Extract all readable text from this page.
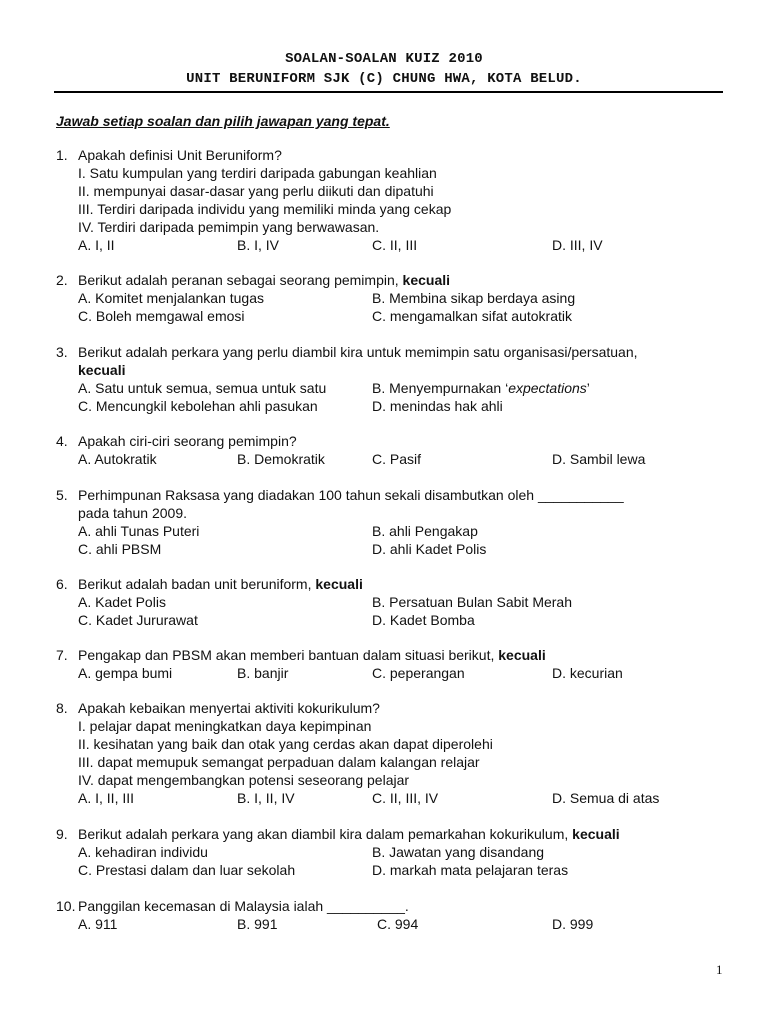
SOALAN-SOALAN KUIZ 2010
UNIT BERUNIFORM SJK (C) CHUNG HWA, KOTA BELUD.
Jawab setiap soalan dan pilih jawapan yang tepat.
1. Apakah definisi Unit Beruniform?
I. Satu kumpulan yang terdiri daripada gabungan keahlian
II. mempunyai dasar-dasar yang perlu diikuti dan dipatuhi
III. Terdiri daripada individu yang memiliki minda yang cekap
IV. Terdiri daripada pemimpin yang berwawasan.
A. I, II	B. I, IV	C. II, III	D. III, IV
2. Berikut adalah peranan sebagai seorang pemimpin, kecuali
A. Komitet menjalankan tugas	B. Membina sikap berdaya asing
C. Boleh memgawal emosi	C. mengamalkan sifat autokratik
3. Berikut adalah perkara yang perlu diambil kira untuk memimpin satu organisasi/persatuan,
kecuali
A. Satu untuk semua, semua untuk satu	B. Menyempurnakan ‘expectations’
C. Mencungkil kebolehan ahli pasukan	D. menindas hak ahli
4. Apakah ciri-ciri seorang pemimpin?
A. Autokratik	B. Demokratik	C. Pasif	D. Sambil lewa
5. Perhimpunan Raksasa yang diadakan 100 tahun sekali disambutkan oleh ___________
pada tahun 2009.
A. ahli Tunas Puteri	B. ahli Pengakap
C. ahli PBSM	D. ahli Kadet Polis
6. Berikut adalah badan unit beruniform, kecuali
A. Kadet Polis	B. Persatuan Bulan Sabit Merah
C. Kadet Jururawat	D. Kadet Bomba
7. Pengakap dan PBSM akan memberi bantuan dalam situasi berikut, kecuali
A. gempa bumi	B. banjir	C. peperangan	D. kecurian
8. Apakah kebaikan menyertai aktiviti kokurikulum?
I. pelajar dapat meningkatkan daya kepimpinan
II. kesihatan yang baik dan otak yang cerdas akan dapat diperolehi
III. dapat memupuk semangat perpaduan dalam kalangan relajar
IV. dapat mengembangkan potensi seseorang pelajar
A. I, II, III	B. I, II, IV	C. II, III, IV	D. Semua di atas
9. Berikut adalah perkara yang akan diambil kira dalam pemarkahan kokurikulum, kecuali
A. kehadiran individu	B. Jawatan yang disandang
C. Prestasi dalam dan luar sekolah	D. markah mata pelajaran teras
10. Panggilan kecemasan di Malaysia ialah __________.
A. 911	B. 991	C. 994	D. 999
1
